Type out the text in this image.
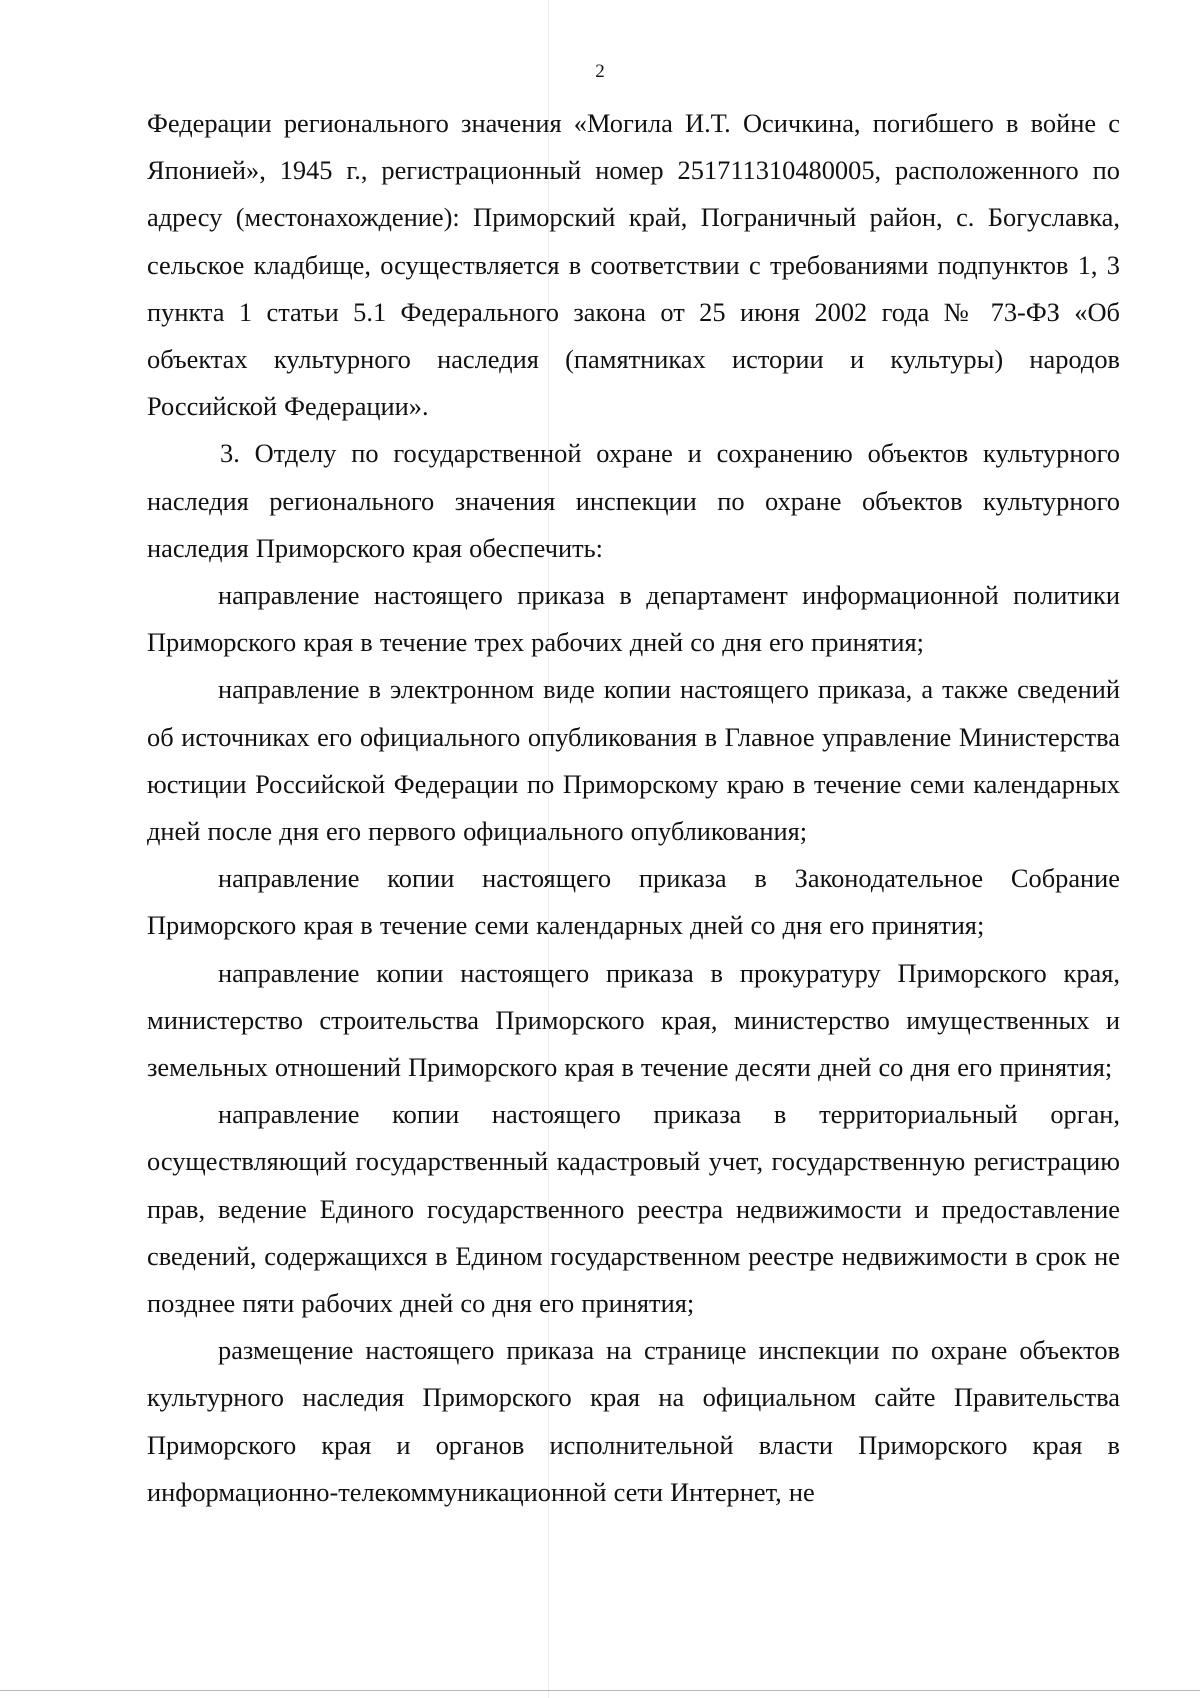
2

Федерации регионального значения «Могила И.Т. Осичкина, погибшего в войне с Японией», 1945 г., регистрационный номер 251711310480005, расположенного по адресу (местонахождение): Приморский край, Пограничный район, с. Богуславка, сельское кладбище, осуществляется в соответствии с требованиями подпунктов 1, 3 пункта 1 статьи 5.1 Федерального закона от 25 июня 2002 года № 73-ФЗ «Об объектах культурного наследия (памятниках истории и культуры) народов Российской Федерации».

3. Отделу по государственной охране и сохранению объектов культурного наследия регионального значения инспекции по охране объектов культурного наследия Приморского края обеспечить:

направление настоящего приказа в департамент информационной политики Приморского края в течение трех рабочих дней со дня его принятия;

направление в электронном виде копии настоящего приказа, а также сведений об источниках его официального опубликования в Главное управление Министерства юстиции Российской Федерации по Приморскому краю в течение семи календарных дней после дня его первого официального опубликования;

направление копии настоящего приказа в Законодательное Собрание Приморского края в течение семи календарных дней со дня его принятия;

направление копии настоящего приказа в прокуратуру Приморского края, министерство строительства Приморского края, министерство имущественных и земельных отношений Приморского края в течение десяти дней со дня его принятия;

направление копии настоящего приказа в территориальный орган, осуществляющий государственный кадастровый учет, государственную регистрацию прав, ведение Единого государственного реестра недвижимости и предоставление сведений, содержащихся в Едином государственном реестре недвижимости в срок не позднее пяти рабочих дней со дня его принятия;

размещение настоящего приказа на странице инспекции по охране объектов культурного наследия Приморского края на официальном сайте Правительства Приморского края и органов исполнительной власти Приморского края в информационно-телекоммуникационной сети Интернет, не
